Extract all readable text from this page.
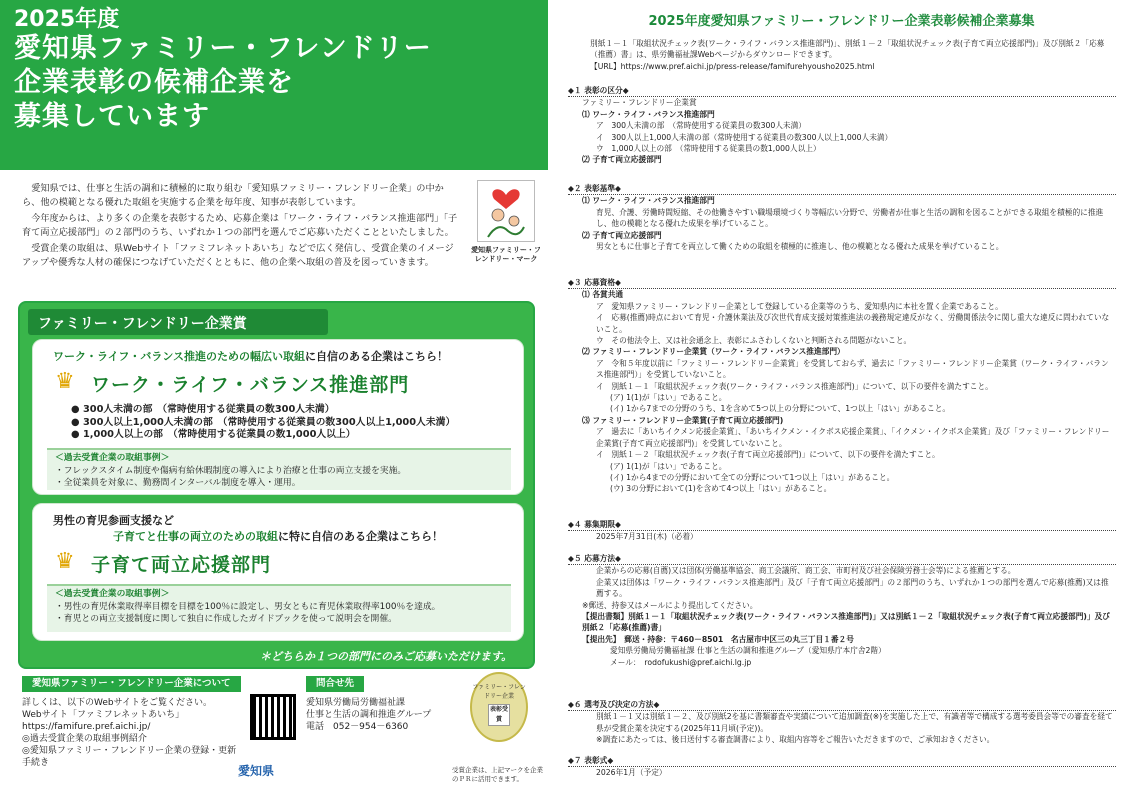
2025年度
愛知県ファミリー・フレンドリー
企業表彰の候補企業を
募集しています

愛知県では、仕事と生活の調和に積極的に取り組む「愛知県ファミリー・フレンドリー企業」の中から、他の模範となる優れた取組を実施する企業を毎年度、知事が表彰しています。

今年度からは、より多くの企業を表彰するため、応募企業は「ワーク・ライフ・バランス推進部門」「子育て両立応援部門」の２部門のうち、いずれか１つの部門を選んでご応募いただくことといたしました。

受賞企業の取組は、県Webサイト「ファミフレネットあいち」などで広く発信し、受賞企業のイメージアップや優秀な人材の確保につなげていただくとともに、他の企業へ取組の普及を図っていきます。

愛知県ファミリー・フレンドリー・マーク
ファミリー・フレンドリー企業賞
ワーク・ライフ・バランス推進のための幅広い取組に自信のある企業はこちら！
♛ ワーク・ライフ・バランス推進部門
● 300人未満の部　（常時使用する従業員の数300人未満）
● 300人以上1,000人未満の部　（常時使用する従業員の数300人以上1,000人未満）
● 1,000人以上の部　（常時使用する従業員の数1,000人以上）
＜過去受賞企業の取組事例＞
・フレックスタイム制度や傷病有給休暇制度の導入により治療と仕事の両立支援を実施。
・全従業員を対象に、勤務間インターバル制度を導入・運用。
男性の育児参画支援など
子育てと仕事の両立のための取組に特に自信のある企業はこちら！
♛ 子育て両立応援部門
＜過去受賞企業の取組事例＞
・男性の育児休業取得率目標を目標を100％に設定し、男女ともに育児休業取得率100％を達成。
・育児との両立支援制度に関して独自に作成したガイドブックを使って説明会を開催。
＊どちらか１つの部門にのみご応募いただけます。
愛知県ファミリー・フレンドリー企業について
詳しくは、以下のWebサイトをご覧ください。
Webサイト「ファミフレネットあいち」
https://famifure.pref.aichi.jp/
◎過去受賞企業の取組事例紹介
◎愛知県ファミリー・フレンドリー企業の登録・更新手続き
問合せ先
愛知県労働局労働福祉課
仕事と生活の調和推進グループ
電話　052－954－6360
愛知県
ファミリー・フレンドリー企業
表彰受賞
受賞企業は、上記マークを企業のＰＲに活用できます。
2025年度愛知県ファミリー・フレンドリー企業表彰候補企業募集
別紙１－１「取組状況チェック表(ワーク・ライフ・バランス推進部門)」、別紙１－２「取組状況チェック表(子育て両立応援部門)」及び別紙２「応募（推薦）書」は、県労働福祉課Webページからダウンロードできます。
【URL】https://www.pref.aichi.jp/press-release/famifurehyousho2025.html
◆１ 表彰の区分◆
ファミリー・フレンドリー企業賞
⑴ ワーク・ライフ・バランス推進部門
ア　300人未満の部　（常時使用する従業員の数300人未満）
イ　300人以上1,000人未満の部（常時使用する従業員の数300人以上1,000人未満）
ウ　1,000人以上の部　（常時使用する従業員の数1,000人以上）
⑵ 子育て両立応援部門
◆２ 表彰基準◆
⑴ ワーク・ライフ・バランス推進部門
育児、介護、労働時間短縮、その他働きやすい職場環境づくり等幅広い分野で、労働者が仕事と生活の調和を図ることができる取組を積極的に推進し、他の模範となる優れた成果を挙げていること。
⑵ 子育て両立応援部門
男女ともに仕事と子育てを両立して働くための取組を積極的に推進し、他の模範となる優れた成果を挙げていること。
◆３ 応募資格◆
⑴ 各賞共通
ア　愛知県ファミリー・フレンドリー企業として登録している企業等のうち、愛知県内に本社を置く企業であること。
イ　応募(推薦)時点において育児・介護休業法及び次世代育成支援対策推進法の義務規定違反がなく、労働関係法令に関し重大な違反に問われていないこと。
ウ　その他法令上、又は社会通念上、表彰にふさわしくないと判断される問題がないこと。
⑵ ファミリー・フレンドリー企業賞（ワーク・ライフ・バランス推進部門）
ア　令和５年度以前に「ファミリー・フレンドリー企業賞」を受賞しておらず、過去に「ファミリー・フレンドリー企業賞（ワーク・ライフ・バランス推進部門）」を受賞していないこと。
イ　別紙１－１「取組状況チェック表(ワーク・ライフ・バランス推進部門)」について、以下の要件を満たすこと。
(ア) 1(1)が「はい」であること。
(イ) 1から7までの分野のうち、1を含めて5つ以上の分野について、1つ以上「はい」があること。
⑶ ファミリー・フレンドリー企業賞(子育て両立応援部門)
ア　過去に「あいちイクメン応援企業賞」、「あいちイクメン・イクボス応援企業賞」、「イクメン・イクボス企業賞」及び「ファミリー・フレンドリー企業賞(子育て両立応援部門)」を受賞していないこと。
イ　別紙１－２「取組状況チェック表(子育て両立応援部門)」について、以下の要件を満たすこと。
(ア) 1(1)が「はい」であること。
(イ) 1から4までの分野において全ての分野について1つ以上「はい」があること。
(ウ) 3の分野において(1)を含めて4つ以上「はい」があること。
◆４ 募集期限◆
2025年7月31日(木)（必着）
◆５ 応募方法◆
企業からの応募(自薦)又は団体(労働基準協会、商工会議所、商工会、市町村及び社会保険労務士会等)による推薦とする。
企業又は団体は「ワーク・ライフ・バランス推進部門」及び「子育て両立応援部門」の２部門のうち、いずれか１つの部門を選んで応募(推薦)又は推薦する。
※郵送、持参又はメールにより提出してください。
【提出書類】別紙１－１「取組状況チェック表(ワーク・ライフ・バランス推進部門)」又は別紙１－２「取組状況チェック表(子育て両立応援部門)」及び別紙２「応募(推薦)書」
【提出先】　郵送・持参：〒460－8501　名古屋市中区三の丸三丁目１番２号
愛知県労働局労働福祉課 仕事と生活の調和推進グループ（愛知県庁本庁舎2階）
メール：　rodofukushi@pref.aichi.lg.jp
◆６ 選考及び決定の方法◆
別紙１－１又は別紙１－２、及び別紙2を基に書類審査や実績について追加調査(※)を実施した上で、有識者等で構成する選考委員会等での審査を経て県が受賞企業を決定する(2025年11月頃(予定))。
※調査にあたっては、後日送付する審査調書により、取組内容等をご報告いただきますので、ご承知おきください。
◆７ 表彰式◆
2026年1月（予定）
